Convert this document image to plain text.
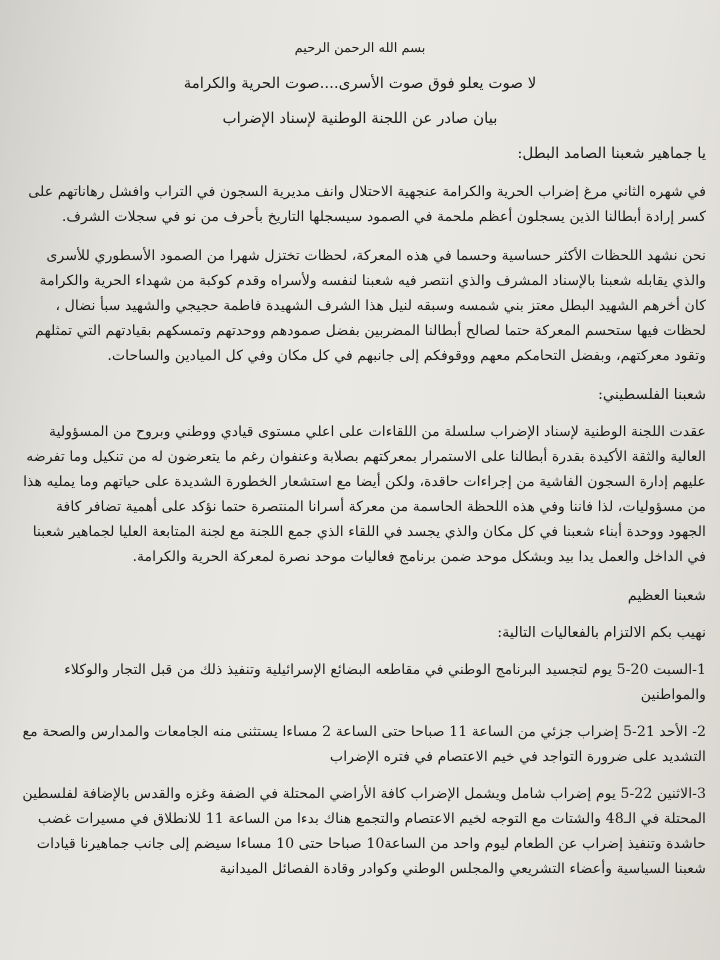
بسم الله الرحمن الرحيم
لا صوت يعلو فوق صوت الأسرى....صوت الحرية والكرامة
بيان صادر عن اللجنة الوطنية لإسناد الإضراب
يا جماهير شعبنا الصامد البطل:

في شهره الثاني مرغ إضراب الحرية والكرامة عنجهية الاحتلال وانف مديرية السجون في التراب وافشل رهاناتهم على كسر إرادة أبطالنا الذين يسجلون أعظم ملحمة في الصمود سيسجلها التاريخ بأحرف من نو في سجلات الشرف.

نحن نشهد اللحظات الأكثر حساسية وحسما في هذه المعركة، لحظات تختزل شهرا من الصمود الأسطوري للأسرى والذي يقابله شعبنا بالإسناد المشرف والذي انتصر فيه شعبنا لنفسه ولأسراه وقدم كوكبة من شهداء الحرية والكرامة كان أخرهم الشهيد البطل معتز بني شمسه وسبقه لنيل هذا الشرف الشهيدة فاطمة حجيجي والشهيد سبأ نضال ، لحظات فيها ستحسم المعركة حتما لصالح أبطالنا المضربين بفضل صمودهم ووحدتهم وتمسكهم بقيادتهم التي تمثلهم وتقود معركتهم، وبفضل التحامكم معهم ووقوفكم إلى جانبهم في كل مكان وفي كل الميادين والساحات.

شعبنا الفلسطيني:

عقدت اللجنة الوطنية لإسناد الإضراب سلسلة من اللقاءات على اعلي مستوى قيادي ووطني وبروح من المسؤولية العالية والثقة الأكيدة بقدرة أبطالنا على الاستمرار بمعركتهم بصلابة وعنفوان رغم ما يتعرضون له من تنكيل وما تفرضه عليهم إدارة السجون الفاشية من إجراءات حاقدة، ولكن أيضا مع استشعار الخطورة الشديدة على حياتهم وما يمليه هذا من مسؤوليات، لذا فاننا وفي هذه اللحظة الحاسمة من معركة أسرانا المنتصرة حتما نؤكد على أهمية تضافر كافة الجهود ووحدة أبناء شعبنا في كل مكان والذي يجسد في اللقاء الذي جمع اللجنة مع لجنة المتابعة العليا لجماهير شعبنا في الداخل والعمل يدا بيد وبشكل موحد ضمن برنامج فعاليات موحد نصرة لمعركة الحرية والكرامة.

شعبنا العظيم
نهيب بكم الالتزام بالفعاليات التالية:
1-السبت 20-5 يوم لتجسيد البرنامج الوطني في مقاطعه البضائع الإسرائيلية وتنفيذ ذلك من قبل التجار والوكلاء والمواطنين
2- الأحد 21-5 إضراب جزئي من الساعة 11 صباحا حتى الساعة 2 مساءا يستثنى منه الجامعات والمدارس والصحة مع التشديد على ضرورة التواجد في خيم الاعتصام في فتره الإضراب
3-الاثنين 22-5 يوم إضراب شامل ويشمل الإضراب كافة الأراضي المحتلة في الضفة وغزه والقدس بالإضافة لفلسطين المحتلة في الـ48 والشتات مع التوجه لخيم الاعتصام والتجمع هناك بدءا من الساعة 11 للانطلاق في مسيرات غضب حاشدة وتنفيذ إضراب عن الطعام ليوم واحد من الساعة10 صباحا حتى 10 مساءا سيضم إلى جانب جماهيرنا قيادات شعبنا السياسية وأعضاء التشريعي والمجلس الوطني وكوادر وقادة الفصائل الميدانية
